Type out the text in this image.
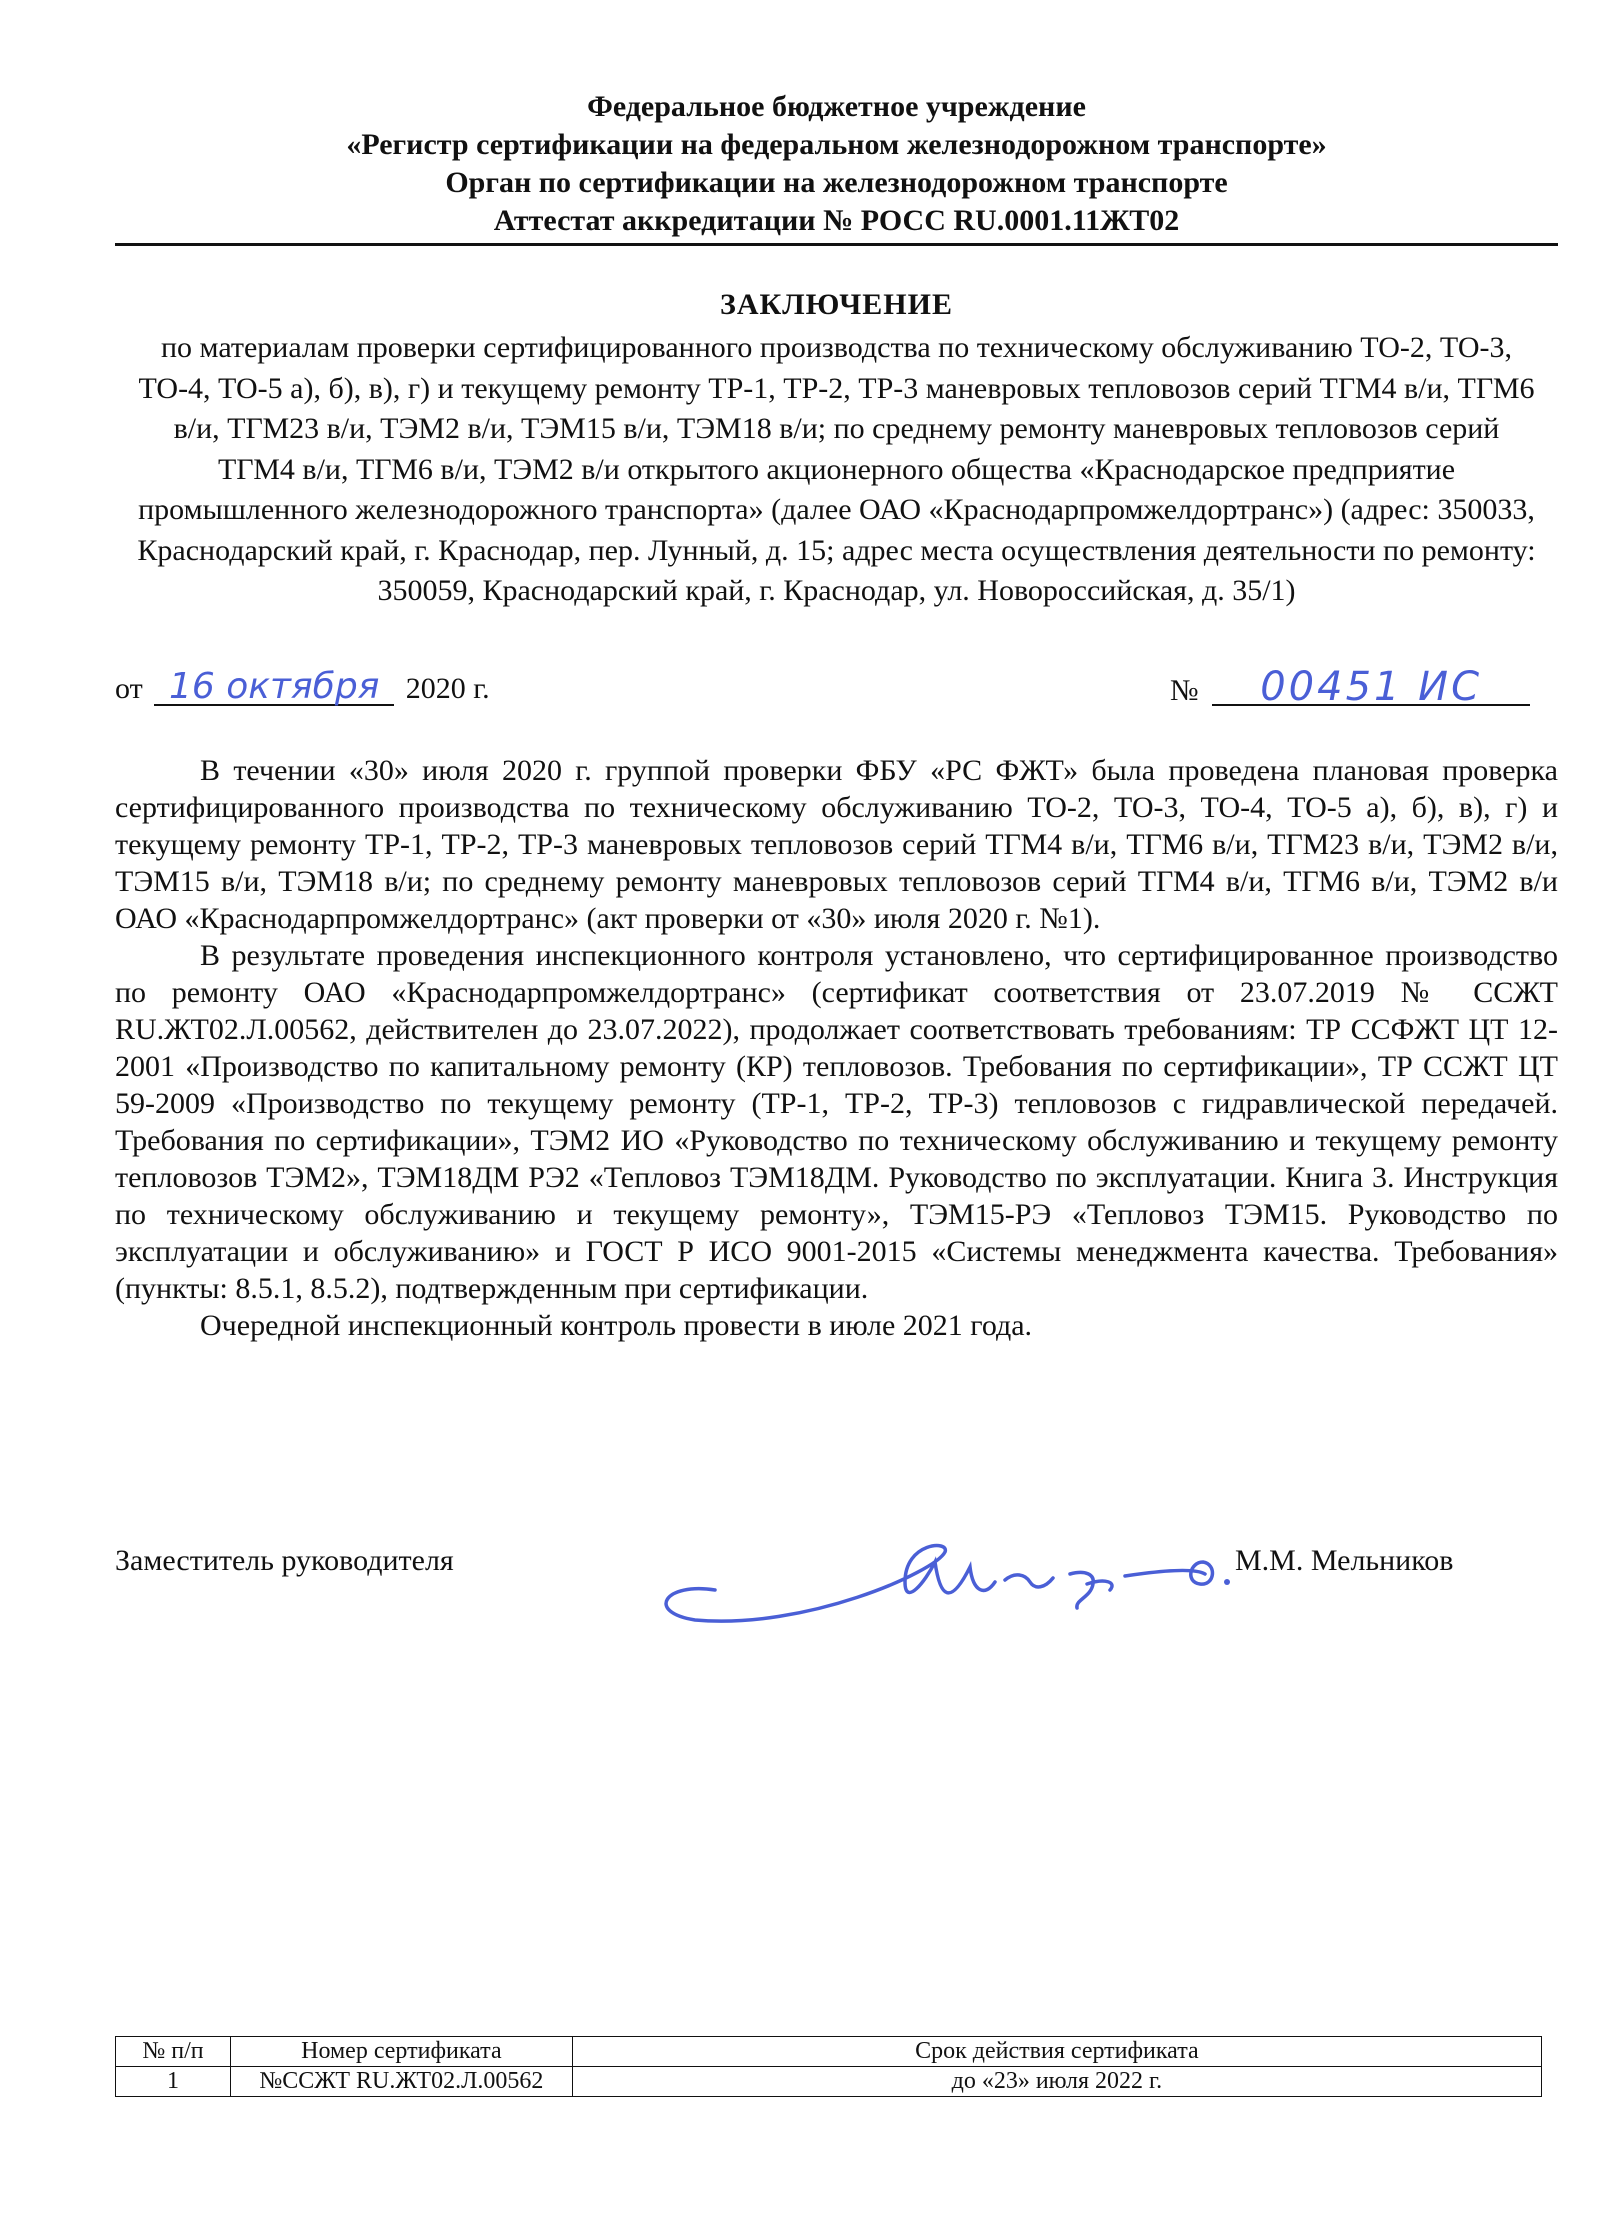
Федеральное бюджетное учреждение
«Регистр сертификации на федеральном железнодорожном транспорте»
Орган по сертификации на железнодорожном транспорте
Аттестат аккредитации № РОСС RU.0001.11ЖТ02
ЗАКЛЮЧЕНИЕ
по материалам проверки сертифицированного производства по техническому обслуживанию ТО-2, ТО-3, ТО-4, ТО-5 а), б), в), г) и текущему ремонту ТР-1, ТР-2, ТР-3 маневровых тепловозов серий ТГМ4 в/и, ТГМ6 в/и, ТГМ23 в/и, ТЭМ2 в/и, ТЭМ15 в/и, ТЭМ18 в/и; по среднему ремонту маневровых тепловозов серий ТГМ4 в/и, ТГМ6 в/и, ТЭМ2 в/и открытого акционерного общества «Краснодарское предприятие промышленного железнодорожного транспорта» (далее ОАО «Краснодарпромжелдортранс») (адрес: 350033, Краснодарский край, г. Краснодар, пер. Лунный, д. 15; адрес места осуществления деятельности по ремонту: 350059, Краснодарский край, г. Краснодар, ул. Новороссийская, д. 35/1)
от 16 октября 2020 г.	№ 00451 ИС

В течении «30» июля 2020 г. группой проверки ФБУ «РС ФЖТ» была проведена плановая проверка сертифицированного производства по техническому обслуживанию ТО-2, ТО-3, ТО-4, ТО-5 а), б), в), г) и текущему ремонту ТР-1, ТР-2, ТР-3 маневровых тепловозов серий ТГМ4 в/и, ТГМ6 в/и, ТГМ23 в/и, ТЭМ2 в/и, ТЭМ15 в/и, ТЭМ18 в/и; по среднему ремонту маневровых тепловозов серий ТГМ4 в/и, ТГМ6 в/и, ТЭМ2 в/и ОАО «Краснодарпромжелдортранс» (акт проверки от «30» июля 2020 г. №1).

В результате проведения инспекционного контроля установлено, что сертифицированное производство по ремонту ОАО «Краснодарпромжелдортранс» (сертификат соответствия от 23.07.2019 № ССЖТ RU.ЖТ02.Л.00562, действителен до 23.07.2022), продолжает соответствовать требованиям: ТР ССФЖТ ЦТ 12-2001 «Производство по капитальному ремонту (КР) тепловозов. Требования по сертификации», ТР ССЖТ ЦТ 59-2009 «Производство по текущему ремонту (ТР-1, ТР-2, ТР-3) тепловозов с гидравлической передачей. Требования по сертификации», ТЭМ2 ИО «Руководство по техническому обслуживанию и текущему ремонту тепловозов ТЭМ2», ТЭМ18ДМ РЭ2 «Тепловоз ТЭМ18ДМ. Руководство по эксплуатации. Книга 3. Инструкция по техническому обслуживанию и текущему ремонту», ТЭМ15-РЭ «Тепловоз ТЭМ15. Руководство по эксплуатации и обслуживанию» и ГОСТ Р ИСО 9001-2015 «Системы менеджмента качества. Требования» (пункты: 8.5.1, 8.5.2), подтвержденным при сертификации.

Очередной инспекционный контроль провести в июле 2021 года.

Заместитель руководителя	М.М. Мельников
№ п/п	Номер сертификата	Срок действия сертификата
1	№ССЖТ RU.ЖТ02.Л.00562	до «23» июля 2022 г.
